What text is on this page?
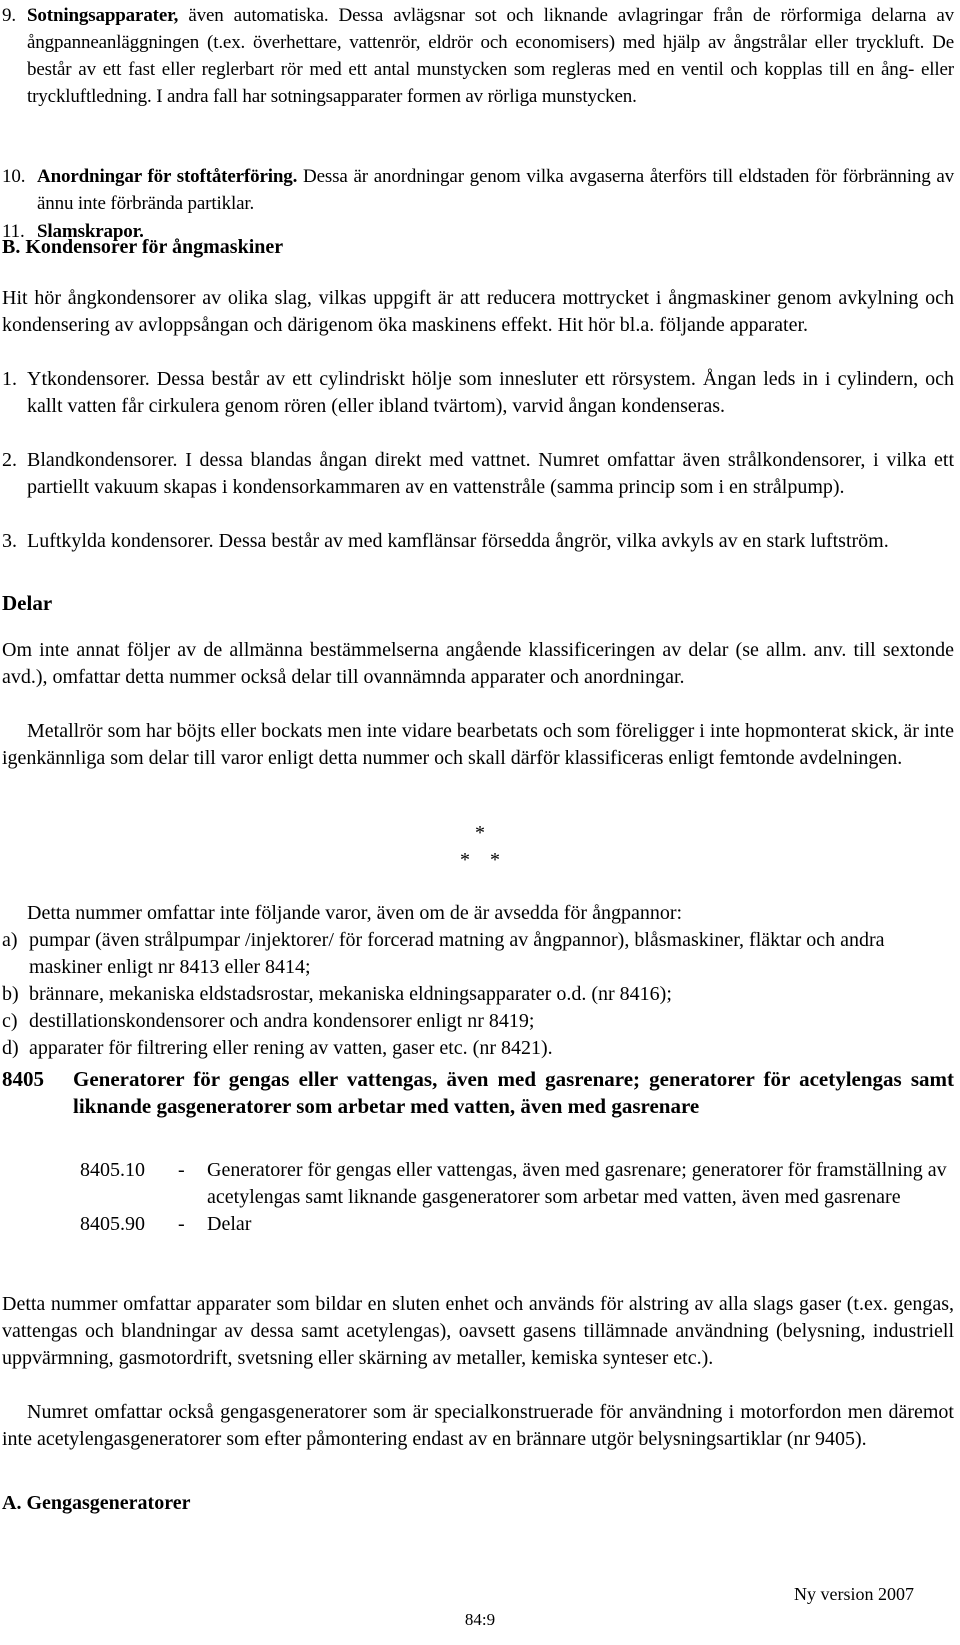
9. Sotningsapparater, även automatiska. Dessa avlägsnar sot och liknande avlagringar från de rörformiga delarna av ångpanneanläggningen (t.ex. överhettare, vattenrör, eldrör och economisers) med hjälp av ångstrålar eller tryckluft. De består av ett fast eller reglerbart rör med ett antal munstycken som regleras med en ventil och kopplas till en ång- eller tryckluftledning. I andra fall har sotningsapparater formen av rörliga munstycken.
10. Anordningar för stoftåterföring. Dessa är anordningar genom vilka avgaserna återförs till eldstaden för förbränning av ännu inte förbrända partiklar.
11. Slamskrapor.
B. Kondensorer för ångmaskiner

Hit hör ångkondensorer av olika slag, vilkas uppgift är att reducera mottrycket i ångmaskiner genom avkylning och kondensering av avloppsångan och därigenom öka maskinens effekt. Hit hör bl.a. följande apparater.

1. Ytkondensorer. Dessa består av ett cylindriskt hölje som innesluter ett rörsystem. Ångan leds in i cylindern, och kallt vatten får cirkulera genom rören (eller ibland tvärtom), varvid ångan kondenseras.
2. Blandkondensorer. I dessa blandas ångan direkt med vattnet. Numret omfattar även strålkondensorer, i vilka ett partiellt vakuum skapas i kondensorkammaren av en vattenstråle (samma princip som i en strålpump).
3. Luftkylda kondensorer. Dessa består av med kamflänsar försedda ångrör, vilka avkyls av en stark luftström.
Delar

Om inte annat följer av de allmänna bestämmelserna angående klassificeringen av delar (se allm. anv. till sextonde avd.), omfattar detta nummer också delar till ovannämnda apparater och anordningar.

Metallrör som har böjts eller bockats men inte vidare bearbetats och som föreligger i inte hopmonterat skick, är inte igenkännliga som delar till varor enligt detta nummer och skall därför klassificeras enligt femtonde avdelningen.

*
*    *

Detta nummer omfattar inte följande varor, även om de är avsedda för ångpannor:

a) pumpar (även strålpumpar /injektorer/ för forcerad matning av ångpannor), blåsmaskiner, fläktar och andra maskiner enligt nr 8413 eller 8414;
b) brännare, mekaniska eldstadsrostar, mekaniska eldningsapparater o.d. (nr 8416);
c) destillationskondensorer och andra kondensorer enligt nr 8419;
d) apparater för filtrering eller rening av vatten, gaser etc. (nr 8421).
8405	Generatorer för gengas eller vattengas, även med gasrenare; generatorer för acetylengas samt liknande gasgeneratorer som arbetar med vatten, även med gasrenare
8405.10 -	Generatorer för gengas eller vattengas, även med gasrenare; generatorer för framställning av acetylengas samt liknande gasgeneratorer som arbetar med vatten, även med gasrenare
8405.90 -	Delar

Detta nummer omfattar apparater som bildar en sluten enhet och används för alstring av alla slags gaser (t.ex. gengas, vattengas och blandningar av dessa samt acetylengas), oavsett gasens tillämnade användning (belysning, industriell uppvärmning, gasmotordrift, svetsning eller skärning av metaller, kemiska synteser etc.).

Numret omfattar också gengasgeneratorer som är specialkonstruerade för användning i motorfordon men däremot inte acetylengasgeneratorer som efter påmontering endast av en brännare utgör belysningsartiklar (nr 9405).

A. Gengasgeneratorer
Ny version 2007
84:9
